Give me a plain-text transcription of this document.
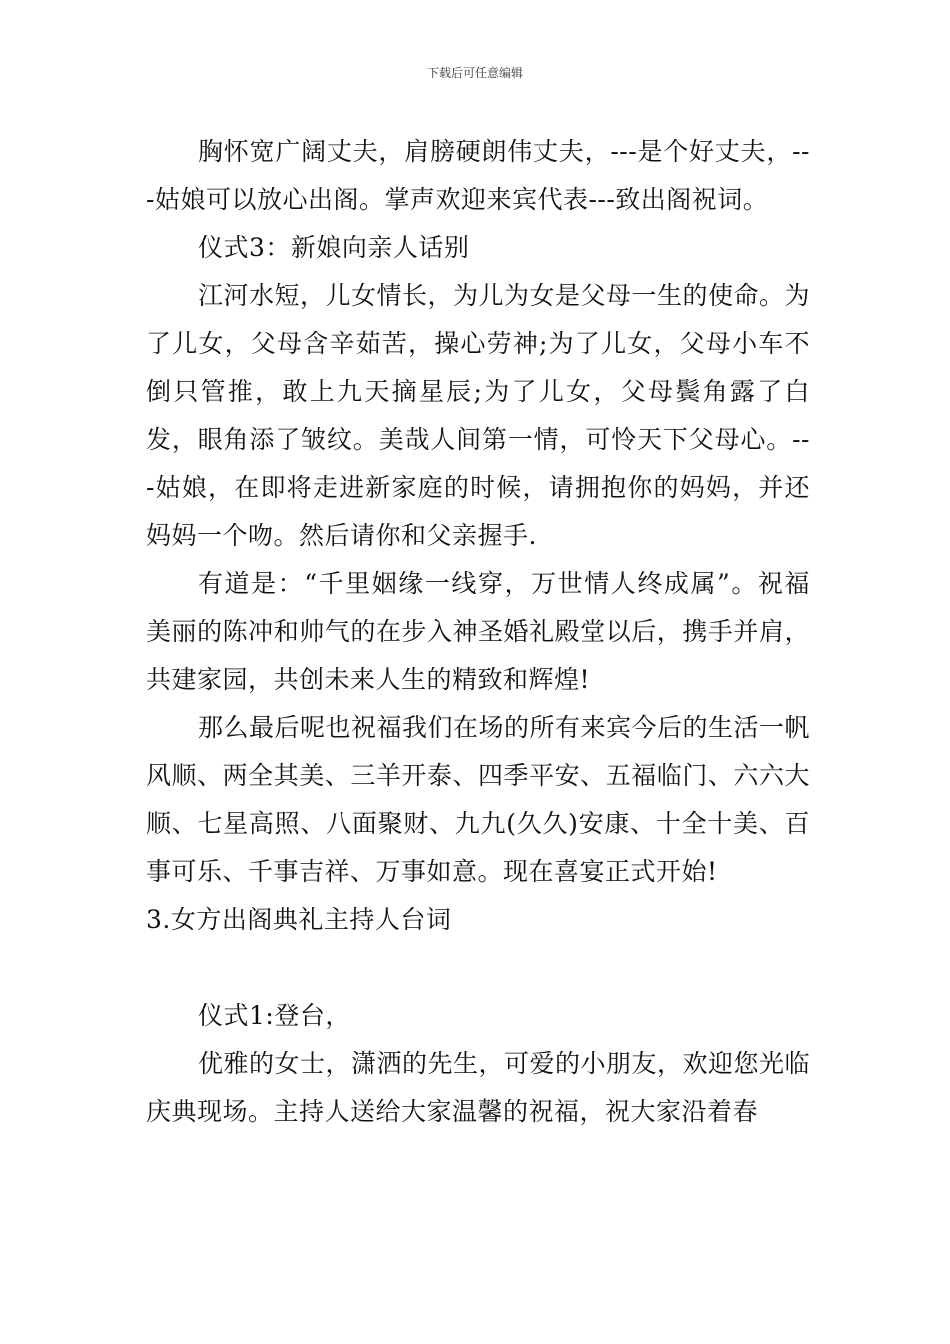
下载后可任意编辑

胸怀宽广阔丈夫，肩膀硬朗伟丈夫，---是个好丈夫，---姑娘可以放心出阁。掌声欢迎来宾代表---致出阁祝词。

仪式3：新娘向亲人话别

江河水短，儿女情长，为儿为女是父母一生的使命。为了儿女，父母含辛茹苦，操心劳神;为了儿女，父母小车不倒只管推，敢上九天摘星辰;为了儿女，父母鬓角露了白发，眼角添了皱纹。美哉人间第一情，可怜天下父母心。---姑娘，在即将走进新家庭的时候，请拥抱你的妈妈，并还妈妈一个吻。然后请你和父亲握手.

有道是：“千里姻缘一线穿，万世情人终成属”。祝福美丽的陈冲和帅气的在步入神圣婚礼殿堂以后，携手并肩，共建家园，共创未来人生的精致和辉煌!

那么最后呢也祝福我们在场的所有来宾今后的生活一帆风顺、两全其美、三羊开泰、四季平安、五福临门、六六大顺、七星高照、八面聚财、九九(久久)安康、十全十美、百事可乐、千事吉祥、万事如意。现在喜宴正式开始!

3.女方出阁典礼主持人台词

仪式1:登台，

优雅的女士，潇洒的先生，可爱的小朋友，欢迎您光临庆典现场。主持人送给大家温馨的祝福，祝大家沿着春
